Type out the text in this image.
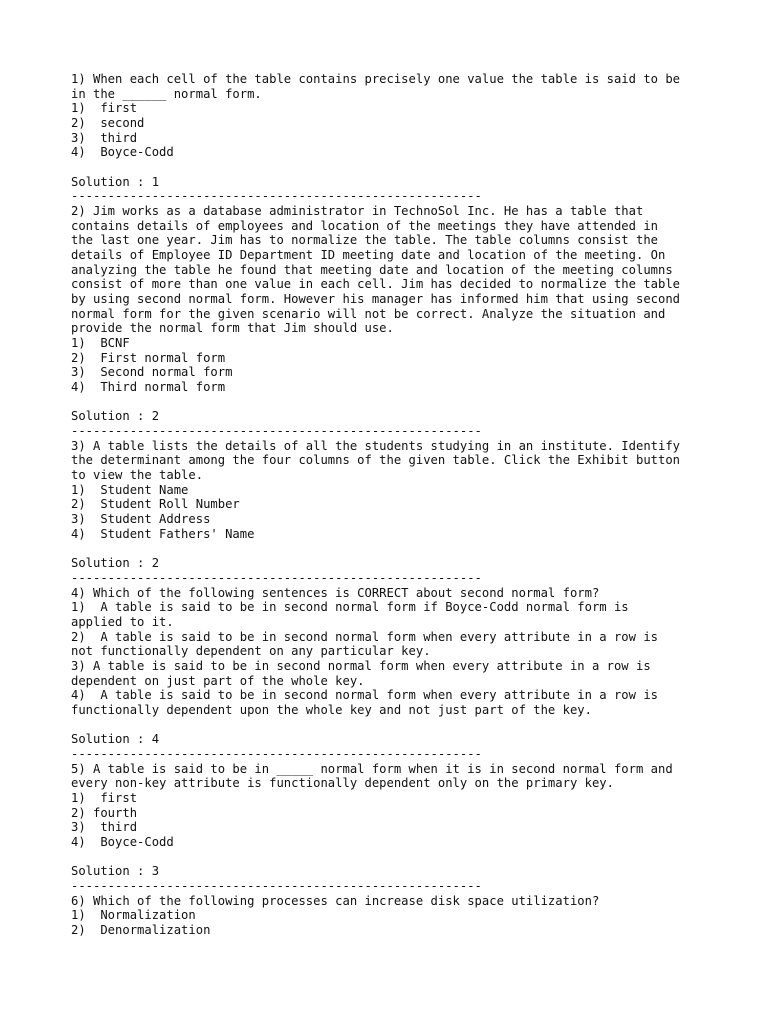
1) When each cell of the table contains precisely one value the table is said to be
in the ______ normal form.
1)  first
2)  second
3)  third
4)  Boyce-Codd
Solution : 1
--------------------------------------------------------
2) Jim works as a database administrator in TechnoSol Inc. He has a table that
contains details of employees and location of the meetings they have attended in
the last one year. Jim has to normalize the table. The table columns consist the
details of Employee ID Department ID meeting date and location of the meeting. On
analyzing the table he found that meeting date and location of the meeting columns
consist of more than one value in each cell. Jim has decided to normalize the table
by using second normal form. However his manager has informed him that using second
normal form for the given scenario will not be correct. Analyze the situation and
provide the normal form that Jim should use.
1)  BCNF
2)  First normal form
3)  Second normal form
4)  Third normal form
Solution : 2
--------------------------------------------------------
3) A table lists the details of all the students studying in an institute. Identify
the determinant among the four columns of the given table. Click the Exhibit button
to view the table.
1)  Student Name
2)  Student Roll Number
3)  Student Address
4)  Student Fathers' Name
Solution : 2
--------------------------------------------------------
4) Which of the following sentences is CORRECT about second normal form?
1)  A table is said to be in second normal form if Boyce-Codd normal form is
applied to it.
2)  A table is said to be in second normal form when every attribute in a row is
not functionally dependent on any particular key.
3) A table is said to be in second normal form when every attribute in a row is
dependent on just part of the whole key.
4)  A table is said to be in second normal form when every attribute in a row is
functionally dependent upon the whole key and not just part of the key.
Solution : 4
--------------------------------------------------------
5) A table is said to be in _____ normal form when it is in second normal form and
every non-key attribute is functionally dependent only on the primary key.
1)  first
2) fourth
3)  third
4)  Boyce-Codd
Solution : 3
--------------------------------------------------------
6) Which of the following processes can increase disk space utilization?
1)  Normalization
2)  Denormalization
